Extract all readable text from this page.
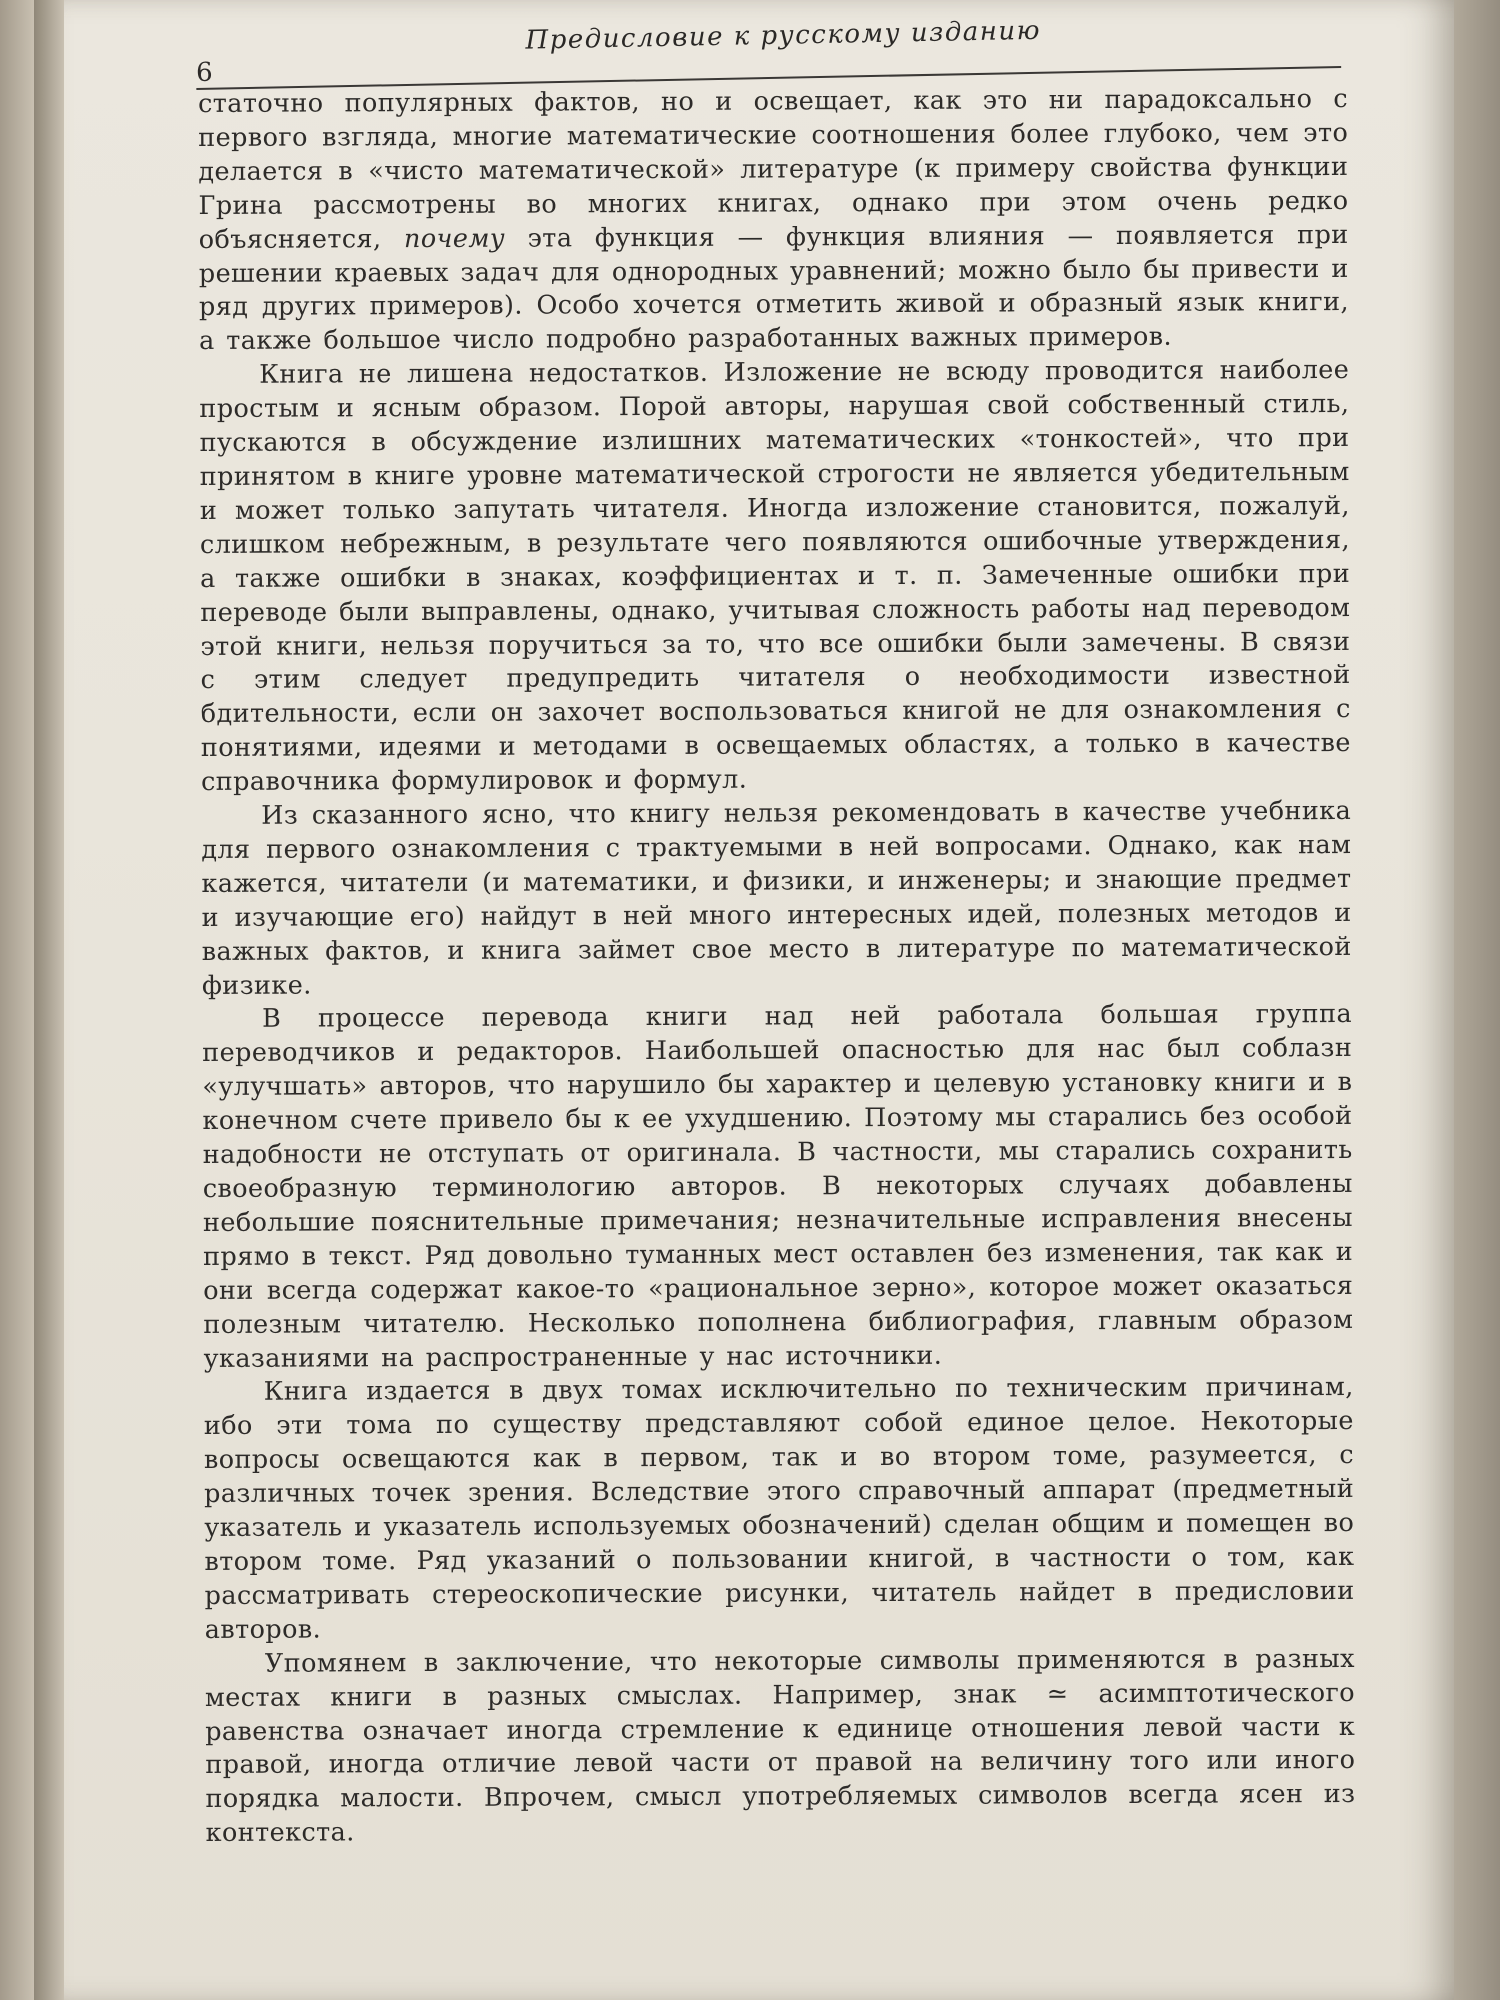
6
Предисловие к русскому изданию

статочно популярных фактов, но и освещает, как это ни парадоксально с первого взгляда, многие математические соотношения более глубоко, чем это делается в «чисто математической» литературе (к примеру свойства функции Грина рассмотрены во многих книгах, однако при этом очень редко объясняется, почему эта функция — функция влияния — появляется при решении краевых задач для однородных уравнений; можно было бы привести и ряд других примеров). Особо хочется отметить живой и образный язык книги, а также большое число подробно разработанных важных примеров.

Книга не лишена недостатков. Изложение не всюду проводится наиболее простым и ясным образом. Порой авторы, нарушая свой собственный стиль, пускаются в обсуждение излишних математических «тонкостей», что при принятом в книге уровне математической строгости не является убедительным и может только запутать читателя. Иногда изложение становится, пожалуй, слишком небрежным, в результате чего появляются ошибочные утверждения, а также ошибки в знаках, коэффициентах и т. п. Замеченные ошибки при переводе были выправлены, однако, учитывая сложность работы над переводом этой книги, нельзя поручиться за то, что все ошибки были замечены. В связи с этим следует предупредить читателя о необходимости известной бдительности, если он захочет воспользоваться книгой не для ознакомления с понятиями, идеями и методами в освещаемых областях, а только в качестве справочника формулировок и формул.

Из сказанного ясно, что книгу нельзя рекомендовать в качестве учебника для первого ознакомления с трактуемыми в ней вопросами. Однако, как нам кажется, читатели (и математики, и физики, и инженеры; и знающие предмет и изучающие его) найдут в ней много интересных идей, полезных методов и важных фактов, и книга займет свое место в литературе по математической физике.

В процессе перевода книги над ней работала большая группа переводчиков и редакторов. Наибольшей опасностью для нас был соблазн «улучшать» авторов, что нарушило бы характер и целевую установку книги и в конечном счете привело бы к ее ухудшению. Поэтому мы старались без особой надобности не отступать от оригинала. В частности, мы старались сохранить своеобразную терминологию авторов. В некоторых случаях добавлены небольшие пояснительные примечания; незначительные исправления внесены прямо в текст. Ряд довольно туманных мест оставлен без изменения, так как и они всегда содержат какое-то «рациональное зерно», которое может оказаться полезным читателю. Несколько пополнена библиография, главным образом указаниями на распространенные у нас источники.

Книга издается в двух томах исключительно по техническим причинам, ибо эти тома по существу представляют собой единое целое. Некоторые вопросы освещаются как в первом, так и во втором томе, разумеется, с различных точек зрения. Вследствие этого справочный аппарат (предметный указатель и указатель используемых обозначений) сделан общим и помещен во втором томе. Ряд указаний о пользовании книгой, в частности о том, как рассматривать стереоскопические рисунки, читатель найдет в предисловии авторов.

Упомянем в заключение, что некоторые символы применяются в разных местах книги в разных смыслах. Например, знак ≃ асимптотического равенства означает иногда стремление к единице отношения левой части к правой, иногда отличие левой части от правой на величину того или иного порядка малости. Впрочем, смысл употребляемых символов всегда ясен из контекста.
